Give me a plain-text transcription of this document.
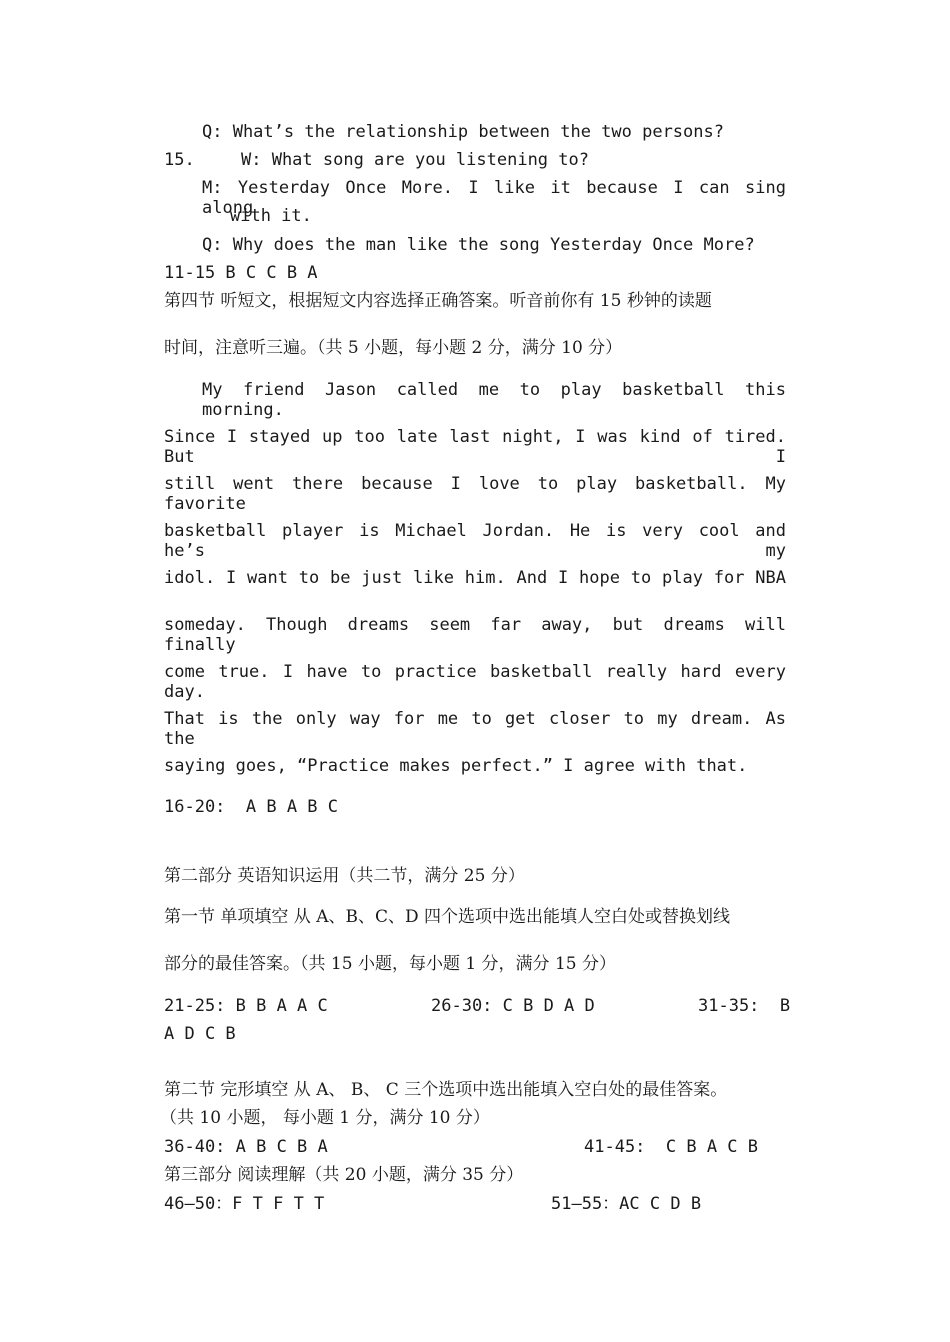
Q: What’s the relationship between the two persons?
15.	W: What song are you listening to?
M: Yesterday Once More. I like it because I can sing along
with it.
Q: Why does the man like the song Yesterday Once More?
11-15 B C C B A
第四节 听短文，根据短文内容选择正确答案。听音前你有 15 秒钟的读题
时间，注意听三遍。（共 5 小题，每小题 2 分，满分 10 分）
My friend Jason called me to play basketball this morning.
Since I stayed up too late last night, I was kind of tired. But I
still went there because I love to play basketball. My favorite
basketball player is Michael Jordan. He is very cool and he’s my
idol. I want to be just like him. And I hope to play for NBA
someday. Though dreams seem far away, but dreams will finally
come true. I have to practice basketball really hard every day.
That is the only way for me to get closer to my dream. As the
saying goes, “Practice makes perfect.” I agree with that.
16-20:  A B A B C
第二部分 英语知识运用（共二节，满分 25 分）
第一节 单项填空 从 A、B、C、D 四个选项中选出能填人空白处或替换划线
部分的最佳答案。（共 15 小题，每小题 1 分，满分 15 分）
21-25: B B A A C	26-30: C B D A D	31-35:  B
A D C B
第二节 完形填空 从 A、 B、 C 三个选项中选出能填入空白处的最佳答案。
（共 10 小题， 每小题 1 分，满分 10 分）
36-40: A B C B A	41-45:  C B A C B
第三部分 阅读理解（共 20 小题，满分 35 分）
46—50：F T F T T	51—55：AC C D B
